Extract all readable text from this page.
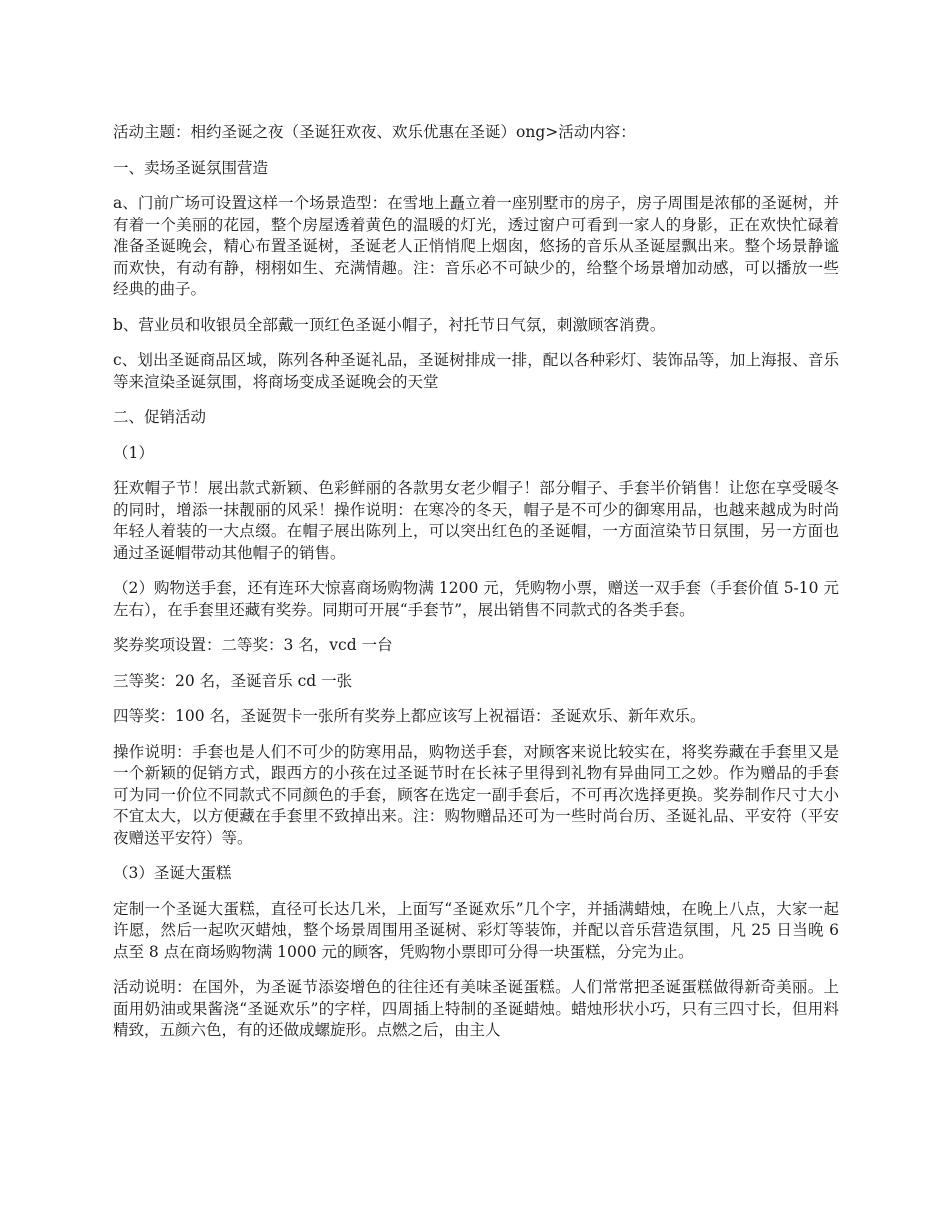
活动主题：相约圣诞之夜（圣诞狂欢夜、欢乐优惠在圣诞）ong>活动内容：

一、卖场圣诞氛围营造

a、门前广场可设置这样一个场景造型：在雪地上矗立着一座别墅市的房子，房子周围是浓郁的圣诞树，并有着一个美丽的花园，整个房屋透着黄色的温暖的灯光，透过窗户可看到一家人的身影，正在欢快忙碌着准备圣诞晚会，精心布置圣诞树，圣诞老人正悄悄爬上烟囱，悠扬的音乐从圣诞屋飘出来。整个场景静谧而欢快，有动有静，栩栩如生、充满情趣。注：音乐必不可缺少的，给整个场景增加动感，可以播放一些经典的曲子。

b、营业员和收银员全部戴一顶红色圣诞小帽子，衬托节日气氛，刺激顾客消费。

c、划出圣诞商品区域，陈列各种圣诞礼品，圣诞树排成一排，配以各种彩灯、装饰品等，加上海报、音乐等来渲染圣诞氛围，将商场变成圣诞晚会的天堂

二、促销活动

（1）

狂欢帽子节！展出款式新颖、色彩鲜丽的各款男女老少帽子！部分帽子、手套半价销售！让您在享受暖冬的同时，增添一抹靓丽的风采！操作说明：在寒冷的冬天，帽子是不可少的御寒用品，也越来越成为时尚年轻人着装的一大点缀。在帽子展出陈列上，可以突出红色的圣诞帽，一方面渲染节日氛围，另一方面也通过圣诞帽带动其他帽子的销售。

（2）购物送手套，还有连环大惊喜商场购物满 1200 元，凭购物小票，赠送一双手套（手套价值 5-10 元左右），在手套里还藏有奖券。同期可开展“手套节”，展出销售不同款式的各类手套。

奖券奖项设置：二等奖：3 名，vcd 一台

三等奖：20 名，圣诞音乐 cd 一张

四等奖：100 名，圣诞贺卡一张所有奖券上都应该写上祝福语：圣诞欢乐、新年欢乐。

操作说明：手套也是人们不可少的防寒用品，购物送手套，对顾客来说比较实在，将奖券藏在手套里又是一个新颖的促销方式，跟西方的小孩在过圣诞节时在长袜子里得到礼物有异曲同工之妙。作为赠品的手套可为同一价位不同款式不同颜色的手套，顾客在选定一副手套后，不可再次选择更换。奖券制作尺寸大小不宜太大，以方便藏在手套里不致掉出来。注：购物赠品还可为一些时尚台历、圣诞礼品、平安符（平安夜赠送平安符）等。

（3）圣诞大蛋糕

定制一个圣诞大蛋糕，直径可长达几米，上面写“圣诞欢乐”几个字，并插满蜡烛，在晚上八点，大家一起许愿，然后一起吹灭蜡烛，整个场景周围用圣诞树、彩灯等装饰，并配以音乐营造氛围，凡 25 日当晚 6 点至 8 点在商场购物满 1000 元的顾客，凭购物小票即可分得一块蛋糕，分完为止。

活动说明：在国外，为圣诞节添姿增色的往往还有美味圣诞蛋糕。人们常常把圣诞蛋糕做得新奇美丽。上面用奶油或果酱浇“圣诞欢乐”的字样，四周插上特制的圣诞蜡烛。蜡烛形状小巧，只有三四寸长，但用料精致，五颜六色，有的还做成螺旋形。点燃之后，由主人
